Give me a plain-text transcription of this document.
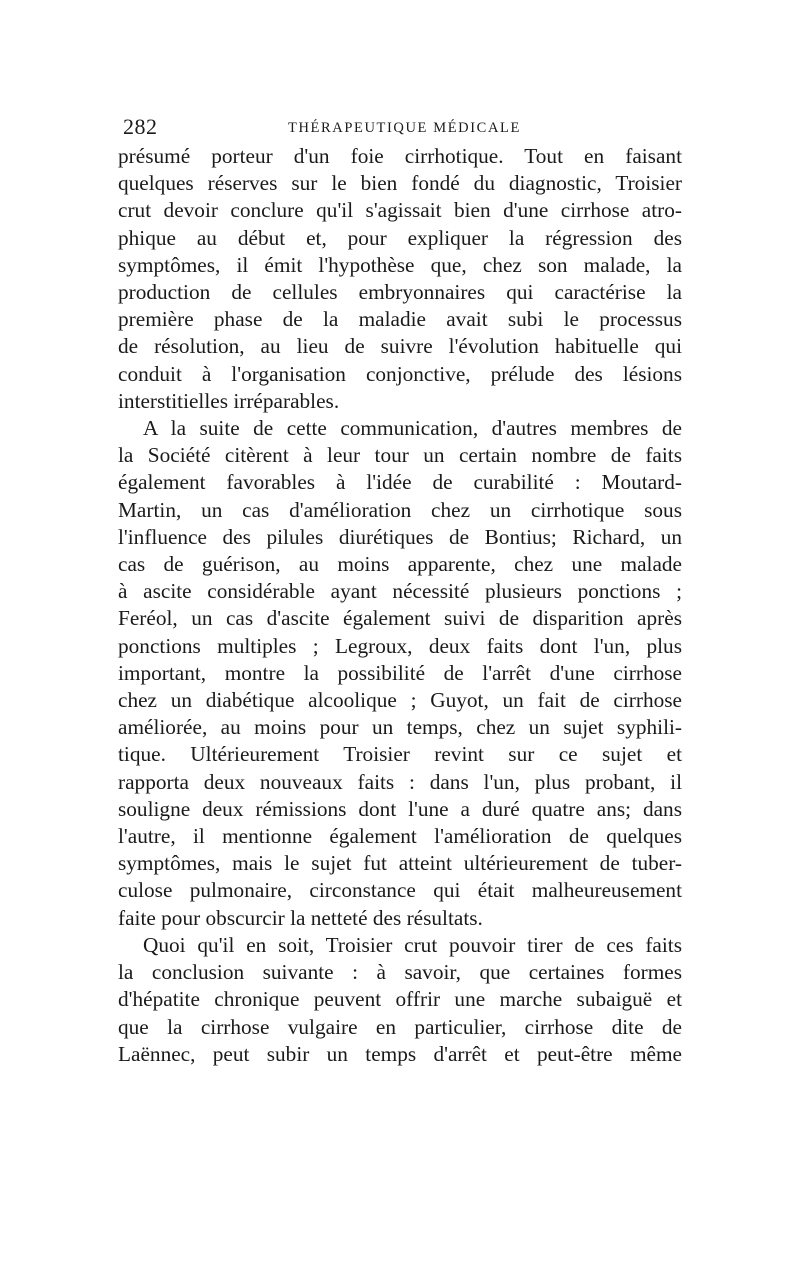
282	THÉRAPEUTIQUE MÉDICALE
présumé porteur d'un foie cirrhotique. Tout en faisant
quelques réserves sur le bien fondé du diagnostic, Troisier
crut devoir conclure qu'il s'agissait bien d'une cirrhose atro-
phique au début et, pour expliquer la régression des
symptômes, il émit l'hypothèse que, chez son malade, la
production de cellules embryonnaires qui caractérise la
première phase de la maladie avait subi le processus
de résolution, au lieu de suivre l'évolution habituelle qui
conduit à l'organisation conjonctive, prélude des lésions
interstitielles irréparables.
A la suite de cette communication, d'autres membres de
la Société citèrent à leur tour un certain nombre de faits
également favorables à l'idée de curabilité : Moutard-
Martin, un cas d'amélioration chez un cirrhotique sous
l'influence des pilules diurétiques de Bontius; Richard, un
cas de guérison, au moins apparente, chez une malade
à ascite considérable ayant nécessité plusieurs ponctions ;
Feréol, un cas d'ascite également suivi de disparition après
ponctions multiples ; Legroux, deux faits dont l'un, plus
important, montre la possibilité de l'arrêt d'une cirrhose
chez un diabétique alcoolique ; Guyot, un fait de cirrhose
améliorée, au moins pour un temps, chez un sujet syphili-
tique. Ultérieurement Troisier revint sur ce sujet et
rapporta deux nouveaux faits : dans l'un, plus probant, il
souligne deux rémissions dont l'une a duré quatre ans; dans
l'autre, il mentionne également l'amélioration de quelques
symptômes, mais le sujet fut atteint ultérieurement de tuber-
culose pulmonaire, circonstance qui était malheureusement
faite pour obscurcir la netteté des résultats.
Quoi qu'il en soit, Troisier crut pouvoir tirer de ces faits
la conclusion suivante : à savoir, que certaines formes
d'hépatite chronique peuvent offrir une marche subaiguë et
que la cirrhose vulgaire en particulier, cirrhose dite de
Laënnec, peut subir un temps d'arrêt et peut-être même
